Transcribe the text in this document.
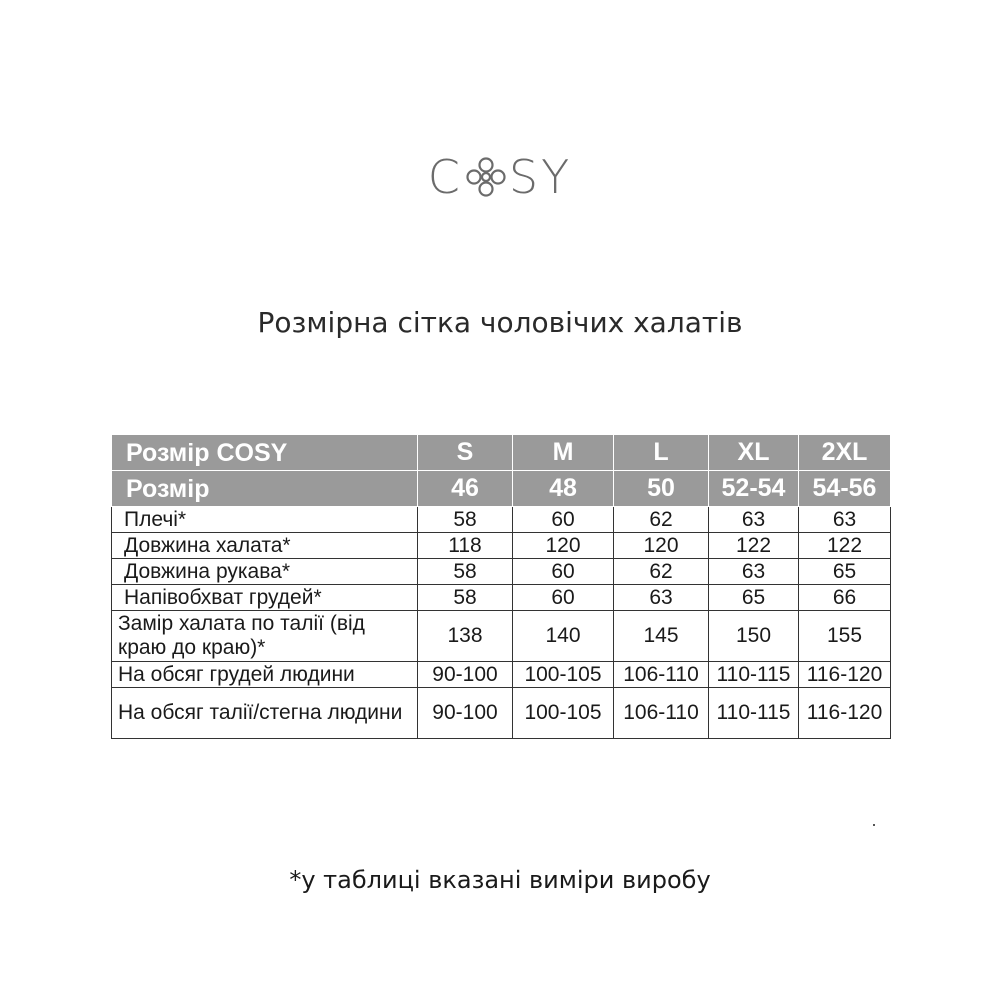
C SY
Розмірна сітка чоловічих халатів
Розмір COSY	S	M	L	XL	2XL
Розмір	46	48	50	52-54	54-56
Плечі*	58	60	62	63	63
Довжина халата*	118	120	120	122	122
Довжина рукава*	58	60	62	63	65
Напівобхват грудей*	58	60	63	65	66
Замір халата по талії (від краю до краю)*	138	140	145	150	155
На обсяг грудей людини	90-100	100-105	106-110	110-115	116-120
На обсяг талії/стегна людини	90-100	100-105	106-110	110-115	116-120
*у таблиці вказані виміри виробу
